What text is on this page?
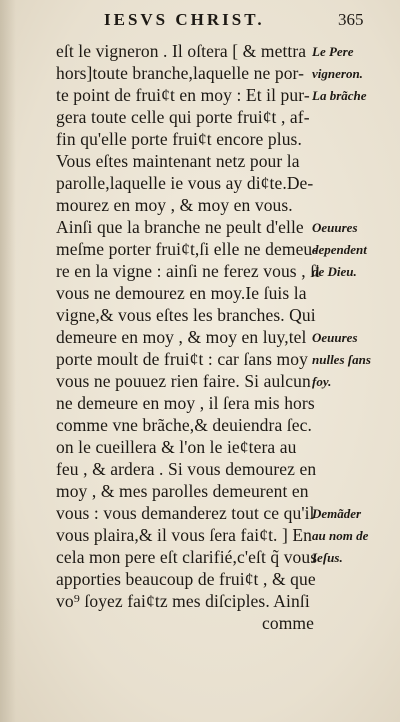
IESVS CHRIST.	365
eſt le vigneron . Il oſtera [ & mettra
hors]toute branche,laquelle ne por-
te point de fruiȼt en moy : Et il pur-
gera toute celle qui porte fruiȼt , af-
fin qu'elle porte fruiȼt encore plus.
Vous eſtes maintenant netz pour la
parolle,laquelle ie vous ay diȼte.De-
mourez en moy , & moy en vous.
Ainſi que la branche ne peult d'elle
meſme porter fruiȼt,ſi elle ne demeu-
re en la vigne : ainſi ne ferez vous , ſi
vous ne demourez en moy.Ie ſuis la
vigne,& vous eſtes les branches. Qui
demeure en moy , & moy en luy,tel
porte moult de fruiȼt : car ſans moy
vous ne pouuez rien faire. Si aulcun
ne demeure en moy , il ſera mis hors
comme vne brãche,& deuiendra ſec.
on le cueillera & l'on le ieȼtera au
feu , & ardera . Si vous demourez en
moy , & mes parolles demeurent en
vous : vous demanderez tout ce qu'il
vous plaira,& il vous ſera faiȼt. ] En
cela mon pere eſt clarifié,c'eſt q̃ vous
apporties beaucoup de fruiȼt , & que
vo⁹ ſoyez faiȼtz mes diſciples. Ainſi
comme
Le Pere
vigneron.
La brãche
Oeuures
dependent
de Dieu.
Oeuures
nulles ſans
foy.
Demãder
au nom de
Ieſus.
